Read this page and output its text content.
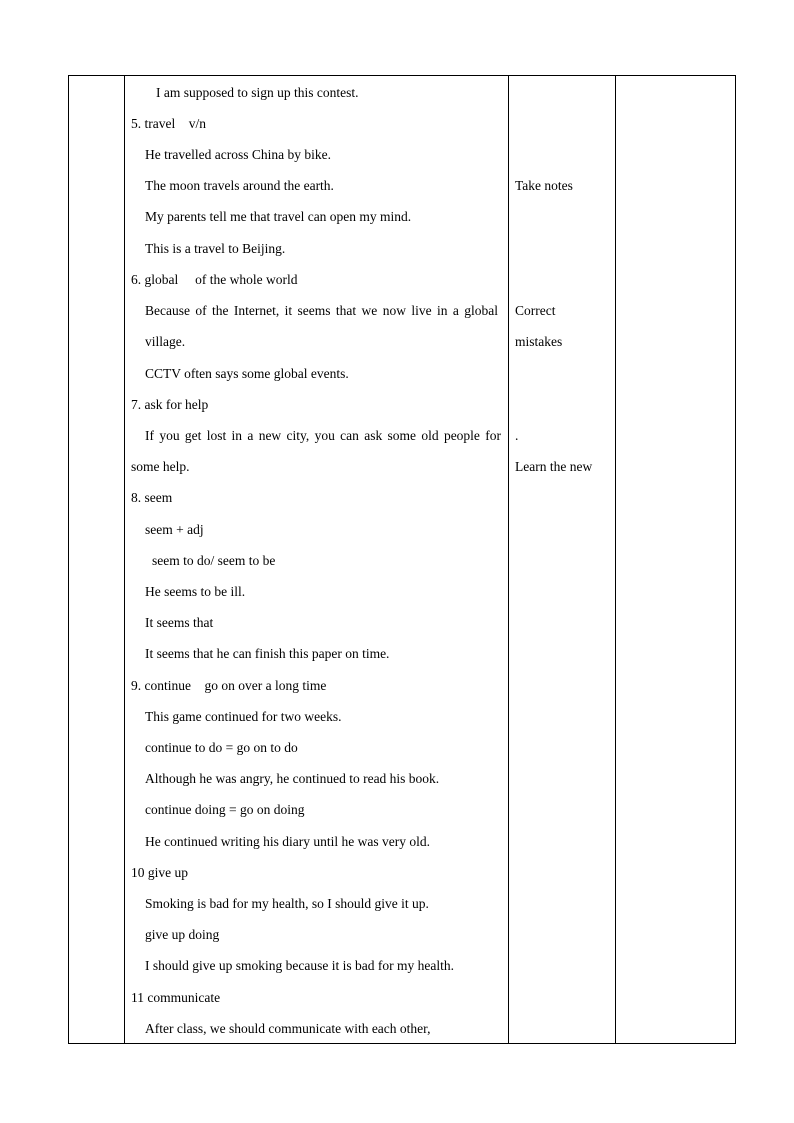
I am supposed to sign up this contest.
5. travel    v/n
He travelled across China by bike.
The moon travels around the earth.
My parents tell me that travel can open my mind.
This is a travel to Beijing.
6. global     of the whole world
Because of the Internet, it seems that we now live in a global
village.
CCTV often says some global events.
7. ask for help
If you get lost in a new city, you can ask some old people for
some help.
8. seem
seem + adj
seem to do/ seem to be
He seems to be ill.
It seems that
It seems that he can finish this paper on time.
9. continue    go on over a long time
This game continued for two weeks.
continue to do = go on to do
Although he was angry, he continued to read his book.
continue doing = go on doing
He continued writing his diary until he was very old.
10 give up
Smoking is bad for my health, so I should give it up.
give up doing
I should give up smoking because it is bad for my health.
11 communicate
After class, we should communicate with each other,
Take notes
Correct
mistakes
.
Learn the new
